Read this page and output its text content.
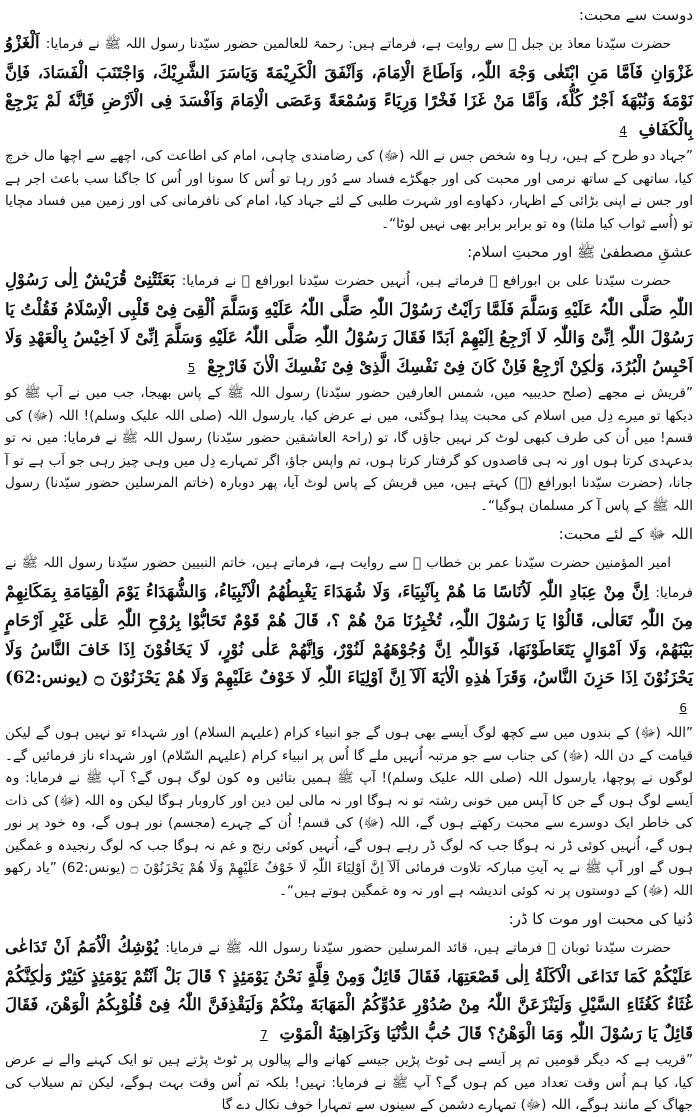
دوست سے محبت:

حضرت سیّدنا معاذ بن جبل ﷛ سے روایت ہے، فرماتے ہیں: رحمۃ للعالمین حضور سیّدنا رسول اللہ ﷺ نے فرمایا: اَلْغَزْوُ غَزْوَانِ فَاَمَّا مَنِ ابْتَغٰی وَجْهَ اللّٰہِ، وَاَطَاعَ الْاِمَامَ، وَاَنْفَقَ الْكَرِيْمَةَ وَيَاسَرَ الشَّرِيْكَ، وَاجْتَنَبَ الْفَسَادَ، فَاِنَّ نَوْمَهٗ وَنُبْهَهٗ اَجْرٌ كُلُّهٗ، وَاَمَّا مَنْ غَزَا فَخْرًا وَرِيَاءً وَسُمْعَةً وَعَصَى الْاِمَامَ وَاَفْسَدَ فِی الْاَرْضِ فَاِنَّهٗ لَمْ يَرْجِعْ بِالْكَفَافِ 4

”جہاد دو طرح کے ہیں، رہا وہ شخص جس نے اللہ (ﷻ) کی رضامندی چاہی، امام کی اطاعت کی، اچھے سے اچھا مال خرچ کیا، ساتھی کے ساتھ نرمی اور محبت کی اور جھگڑے فساد سے دُور رہا تو اُس کا سونا اور اُس کا جاگنا سب باعث اجر ہے اور جس نے اپنی بڑائی کے اظہار، دکھاوے اور شہرت طلبی کے لئے جہاد کیا، امام کی نافرمانی کی اور زمین میں فساد مچایا تو (اُسے ثواب کیا ملتا) وہ تو برابر برابر بھی نہیں لوٹا“۔

عشقِ مصطفیٰ ﷺ اور محبتِ اسلام:

حضرت سیّدنا علی بن ابورافع ﷛ فرماتے ہیں، اُنہیں حضرت سیّدنا ابورافع ﷛ نے فرمایا: بَعَثَتْنِیْ قُرَيْشٌ اِلٰی رَسُوْلِ اللّٰہِ صَلَّی اللّٰہُ عَلَيْهِ وَسَلَّمَ فَلَمَّا رَاَيْتُ رَسُوْلَ اللّٰہِ صَلَّی اللّٰہُ عَلَيْهِ وَسَلَّمَ اُلْقِیَ فِیْ قَلْبِی الْاِسْلَامُ فَقُلْتُ يَا رَسُوْلَ اللّٰہِ اِنِّیْ وَاللّٰہِ لَا اَرْجِعُ اِلَيْهِمْ اَبَدًا فَقَالَ رَسُوْلُ اللّٰہِ صَلَّی اللّٰہُ عَلَيْهِ وَسَلَّمَ اِنِّیْ لَا اَخِيْسُ بِالْعَهْدِ وَلَا اَحْبِسُ الْبُرُدَ، وَلٰكِنْ اَرْجِعْ فَاِنْ كَانَ فِیْ نَفْسِكَ الَّذِیْ فِیْ نَفْسِكَ الْاٰنَ فَارْجِعْ 5

”قریش نے مجھے (صلح حدیبیہ میں، شمس العارفین حضور سیّدنا) رسول اللہ ﷺ کے پاس بھیجا، جب میں نے آپ ﷺ کو دیکھا تو میرے دِل میں اسلام کی محبت پیدا ہوگئی، میں نے عرض کیا، یارسول اللہ (صلی اللہ علیک وسلم)! اللہ (ﷻ) کی قسم! میں اُن کی طرف کبھی لوٹ کر نہیں جاؤں گا، تو (راحۃ العاشقین حضور سیّدنا) رسول اللہ ﷺ نے فرمایا: میں نہ تو بدعہدی کرتا ہوں اور نہ ہی قاصدوں کو گرفتار کرتا ہوں، تم واپس جاؤ، اگر تمہارے دِل میں وہی چیز رہی جو اَب ہے تو آ جانا، (حضرت سیّدنا ابورافع (﷛) کہتے ہیں، میں قریش کے پاس لوٹ آیا، پھر دوبارہ (خاتم المرسلین حضور سیّدنا) رسول اللہ ﷺ کے پاس آ کر مسلمان ہوگیا“۔

اللہ ﷻ کے لئے محبت:

امیر المؤمنین حضرت سیّدنا عمر بن خطاب ﷛ سے روایت ہے، فرماتے ہیں، خاتم النبیین حضور سیّدنا رسول اللہ ﷺ نے فرمایا: اِنَّ مِنْ عِبَادِ اللّٰہِ لَاُنَاسًا مَا هُمْ بِاَنْبِيَاءَ، وَلَا شُهَدَاءَ يَغْبِطُهُمُ الْاَنْبِيَاءُ، وَالشُّهَدَاءُ يَوْمَ الْقِيَامَةِ بِمَكَانِهِمْ مِنَ اللّٰہِ تَعَالٰی، قَالُوْا يَا رَسُوْلَ اللّٰہِ، تُخْبِرُنَا مَنْ هُمْ ؟، قَالَ هُمْ قَوْمٌ تَحَابُّوْا بِرُوْحِ اللّٰہِ عَلٰی غَيْرِ اَرْحَامٍ بَيْنَهُمْ، وَلَا اَمْوَالٍ يَتَعَاطَوْنَهَا، فَوَاللّٰہِ اِنَّ وُجُوْهَهُمْ لَنُوْرٌ، وَاِنَّهُمْ عَلٰی نُوْرٍ، لَا يَخَافُوْنَ اِذَا خَافَ النَّاسُ وَلَا يَحْزَنُوْنَ اِذَا حَزِنَ النَّاسُ، وَقَرَاَ هٰذِهِ الْاٰيَةَ اَلَآ اِنَّ اَوْلِيَاءَ اللّٰہِ لَا خَوْفٌ عَلَيْهِمْ وَلَا هُمْ يَحْزَنُوْنَ ۝ (يونس:62) 6

”اللہ (ﷻ) کے بندوں میں سے کچھ لوگ اَیسے بھی ہوں گے جو انبیاء کرام (علیہم السلام) اور شہداء تو نہیں ہوں گے لیکن قیامت کے دن اللہ (ﷻ) کی جناب سے جو مرتبہ اُنہیں ملے گا اُس پر انبیاء کرام (علیہم السّلام) اور شہداء ناز فرمائیں گے۔ لوگوں نے پوچھا، یارسول اللہ (صلی اللہ علیک وسلم)! آپ ﷺ ہمیں بتائیں وہ کون لوگ ہوں گے؟ آپ ﷺ نے فرمایا: وہ اَیسے لوگ ہوں گے جن کا آپس میں خونی رشتہ تو نہ ہوگا اور نہ مالی لین دین اور کاروبار ہوگا لیکن وہ اللہ (ﷻ) کی ذات کی خاطر ایک دوسرے سے محبت رکھتے ہوں گے، اللہ (ﷻ) کی قسم! اُن کے چہرے (مجسم) نور ہوں گے، وہ خود پر نور ہوں گے، اُنہیں کوئی ڈر نہ ہوگا جب کہ لوگ ڈر رہے ہوں گے، اُنہیں کوئی رنج و غم نہ ہوگا جب کہ لوگ رنجیدہ و غمگین ہوں گے اور آپ ﷺ نے یہ آیتِ مبارکہ تلاوت فرمائی اَلَآ اِنَّ اَوْلِيَاءَ اللّٰہِ لَا خَوْفٌ عَلَيْهِمْ وَلَا هُمْ يَحْزَنُوْنَ ۝ (یونس:62) ”یاد رکھو اللہ (ﷻ) کے دوستوں پر نہ کوئی اندیشہ ہے اور نہ وہ غمگین ہوتے ہیں“۔

دُنیا کی محبت اور موت کا ڈر:

حضرت سیّدنا ثوبان ﷛ فرماتے ہیں، قائد المرسلین حضور سیّدنا رسول اللہ ﷺ نے فرمایا: يُوْشِكُ الْاُمَمُ اَنْ تَدَاعٰی عَلَيْكُمْ كَمَا تَدَاعَی الْاَكَلَةُ اِلٰی قَصْعَتِهَا، فَقَالَ قَائِلٌ وَمِنْ قِلَّةٍ نَحْنُ يَوْمَئِذٍ ؟ قَالَ بَلْ اَنْتُمْ يَوْمَئِذٍ كَثِيْرٌ وَلٰكِنَّكُمْ غُثَاءٌ كَغُثَاءِ السَّيْلِ وَلَيَنْزَعَنَّ اللّٰہُ مِنْ صُدُوْرِ عَدُوِّكُمُ الْمَهَابَةَ مِنْكُمْ وَلَيَقْذِفَنَّ اللّٰہُ فِیْ قُلُوْبِكُمُ الْوَهْنَ، فَقَالَ قَائِلٌ يَا رَسُوْلَ اللّٰہِ وَمَا الْوَهْنُ؟ قَالَ حُبُّ الدُّنْيَا وَكَرَاهِيَةُ الْمَوْتِ 7

”قریب ہے کہ دیگر قومیں تم پر اَیسے ہی ٹوٹ پڑیں جیسے کھانے والے پیالوں پر ٹوٹ پڑتے ہیں تو ایک کہنے والے نے عرض کیا، کیا ہم اُس وقت تعداد میں کم ہوں گے؟ آپ ﷺ نے فرمایا: نہیں! بلکہ تم اُس وقت بہت ہوگے، لیکن تم سیلاب کی جھاگ کے مانند ہوگے، اللہ (ﷻ) تمہارے دشمن کے سینوں سے تمہارا خوف نکال دے گا
